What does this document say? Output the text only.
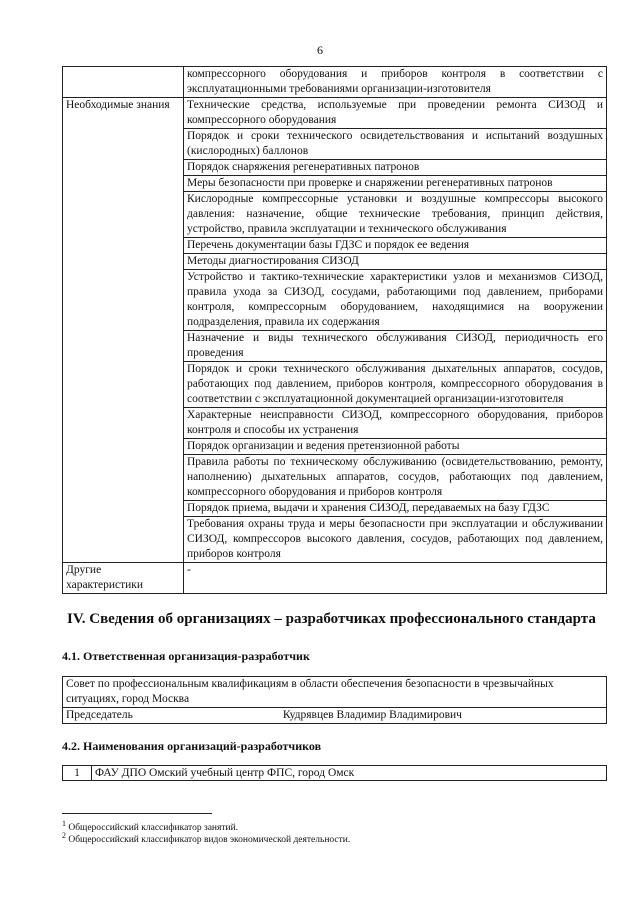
6
	компрессорного оборудования и приборов контроля в соответствии с эксплуатационными требованиями организации-изготовителя
Необходимые знания	Технические средства, используемые при проведении ремонта СИЗОД и компрессорного оборудования
	Порядок и сроки технического освидетельствования и испытаний воздушных (кислородных) баллонов
	Порядок снаряжения регенеративных патронов
	Меры безопасности при проверке и снаряжении регенеративных патронов
	Кислородные компрессорные установки и воздушные компрессоры высокого давления: назначение, общие технические требования, принцип действия, устройство, правила эксплуатации и технического обслуживания
	Перечень документации базы ГДЗС и порядок ее ведения
	Методы диагностирования СИЗОД
	Устройство и тактико-технические характеристики узлов и механизмов СИЗОД, правила ухода за СИЗОД, сосудами, работающими под давлением, приборами контроля, компрессорным оборудованием, находящимися на вооружении подразделения, правила их содержания
	Назначение и виды технического обслуживания СИЗОД, периодичность его проведения
	Порядок и сроки технического обслуживания дыхательных аппаратов, сосудов, работающих под давлением, приборов контроля, компрессорного оборудования в соответствии с эксплуатационной документацией организации-изготовителя
	Характерные неисправности СИЗОД, компрессорного оборудования, приборов контроля и способы их устранения
	Порядок организации и ведения претензионной работы
	Правила работы по техническому обслуживанию (освидетельствованию, ремонту, наполнению) дыхательных аппаратов, сосудов, работающих под давлением, компрессорного оборудования и приборов контроля
	Порядок приема, выдачи и хранения СИЗОД, передаваемых на базу ГДЗС
	Требования охраны труда и меры безопасности при эксплуатации и обслуживании СИЗОД, компрессоров высокого давления, сосудов, работающих под давлением, приборов контроля
Другие характеристики	-
IV. Сведения об организациях – разработчиках профессионального стандарта
4.1. Ответственная организация-разработчик
Совет по профессиональным квалификациям в области обеспечения безопасности в чрезвычайных ситуациях, город Москва
Председатель	Кудрявцев Владимир Владимирович
4.2. Наименования организаций-разработчиков
1	ФАУ ДПО Омский учебный центр ФПС, город Омск
$^1$ Общероссийский классификатор занятий.
$^2$ Общероссийский классификатор видов экономической деятельности.
